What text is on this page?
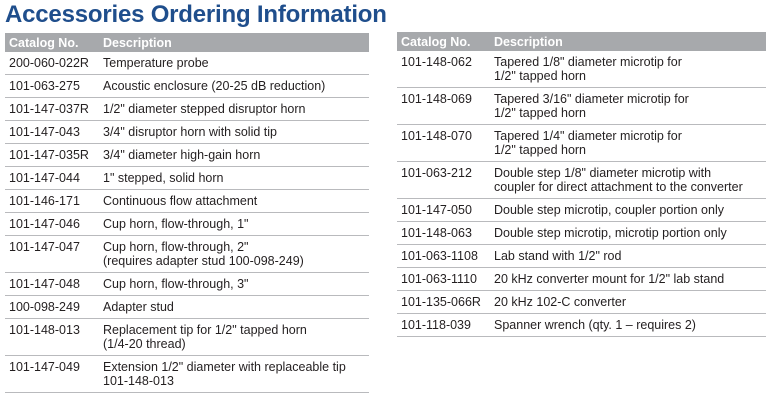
Accessories Ordering Information
Catalog No.	Description
200-060-022R	Temperature probe
101-063-275	Acoustic enclosure (20-25 dB reduction)
101-147-037R	1/2" diameter stepped disruptor horn
101-147-043	3/4" disruptor horn with solid tip
101-147-035R	3/4" diameter high-gain horn
101-147-044	1" stepped, solid horn
101-146-171	Continuous flow attachment
101-147-046	Cup horn, flow-through, 1"
101-147-047	Cup horn, flow-through, 2"
(requires adapter stud 100-098-249)
101-147-048	Cup horn, flow-through, 3"
100-098-249	Adapter stud
101-148-013	Replacement tip for 1/2" tapped horn
(1/4-20 thread)
101-147-049	Extension 1/2" diameter with replaceable tip
101-148-013
Catalog No.	Description
101-148-062	Tapered 1/8" diameter microtip for
1/2" tapped horn
101-148-069	Tapered 3/16" diameter microtip for
1/2" tapped horn
101-148-070	Tapered 1/4" diameter microtip for
1/2" tapped horn
101-063-212	Double step 1/8" diameter microtip with
coupler for direct attachment to the converter
101-147-050	Double step microtip, coupler portion only
101-148-063	Double step microtip, microtip portion only
101-063-1108	Lab stand with 1/2" rod
101-063-1110	20 kHz converter mount for 1/2" lab stand
101-135-066R	20 kHz 102-C converter
101-118-039	Spanner wrench (qty. 1 – requires 2)
